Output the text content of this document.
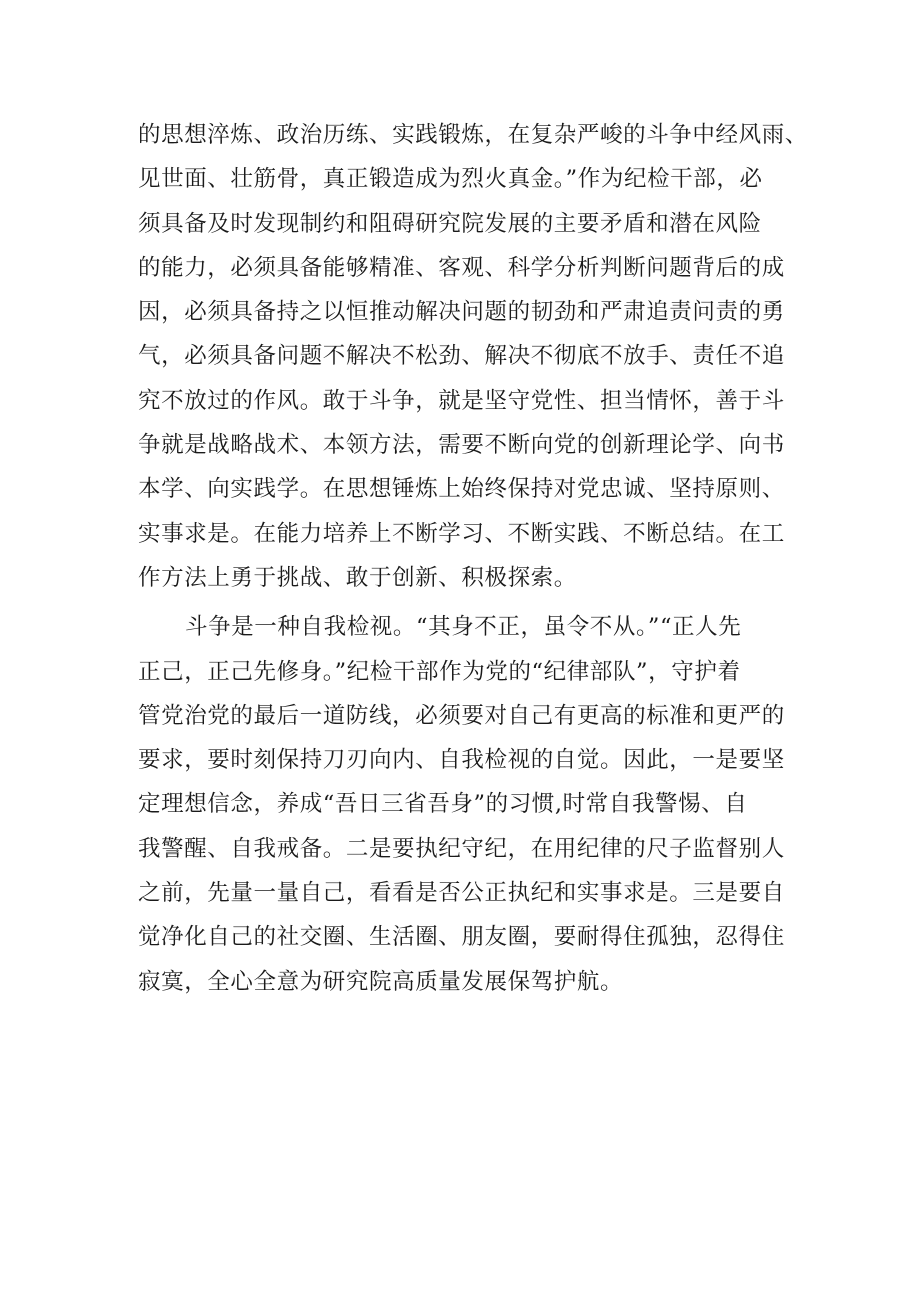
的思想淬炼、政治历练、实践锻炼，在复杂严峻的斗争中经风雨、
见世面、壮筋骨，真正锻造成为烈火真金。”作为纪检干部，必
须具备及时发现制约和阻碍研究院发展的主要矛盾和潜在风险
的能力，必须具备能够精准、客观、科学分析判断问题背后的成
因，必须具备持之以恒推动解决问题的韧劲和严肃追责问责的勇
气，必须具备问题不解决不松劲、解决不彻底不放手、责任不追
究不放过的作风。敢于斗争，就是坚守党性、担当情怀，善于斗
争就是战略战术、本领方法，需要不断向党的创新理论学、向书
本学、向实践学。在思想锤炼上始终保持对党忠诚、坚持原则、
实事求是。在能力培养上不断学习、不断实践、不断总结。在工
作方法上勇于挑战、敢于创新、积极探索。
斗争是一种自我检视。“其身不正，虽令不从。”“正人先
正己，正己先修身。”纪检干部作为党的“纪律部队”，守护着
管党治党的最后一道防线，必须要对自己有更高的标准和更严的
要求，要时刻保持刀刃向内、自我检视的自觉。因此，一是要坚
定理想信念，养成“吾日三省吾身”的习惯,时常自我警惕、自
我警醒、自我戒备。二是要执纪守纪，在用纪律的尺子监督别人
之前，先量一量自己，看看是否公正执纪和实事求是。三是要自
觉净化自己的社交圈、生活圈、朋友圈，要耐得住孤独，忍得住
寂寞，全心全意为研究院高质量发展保驾护航。
